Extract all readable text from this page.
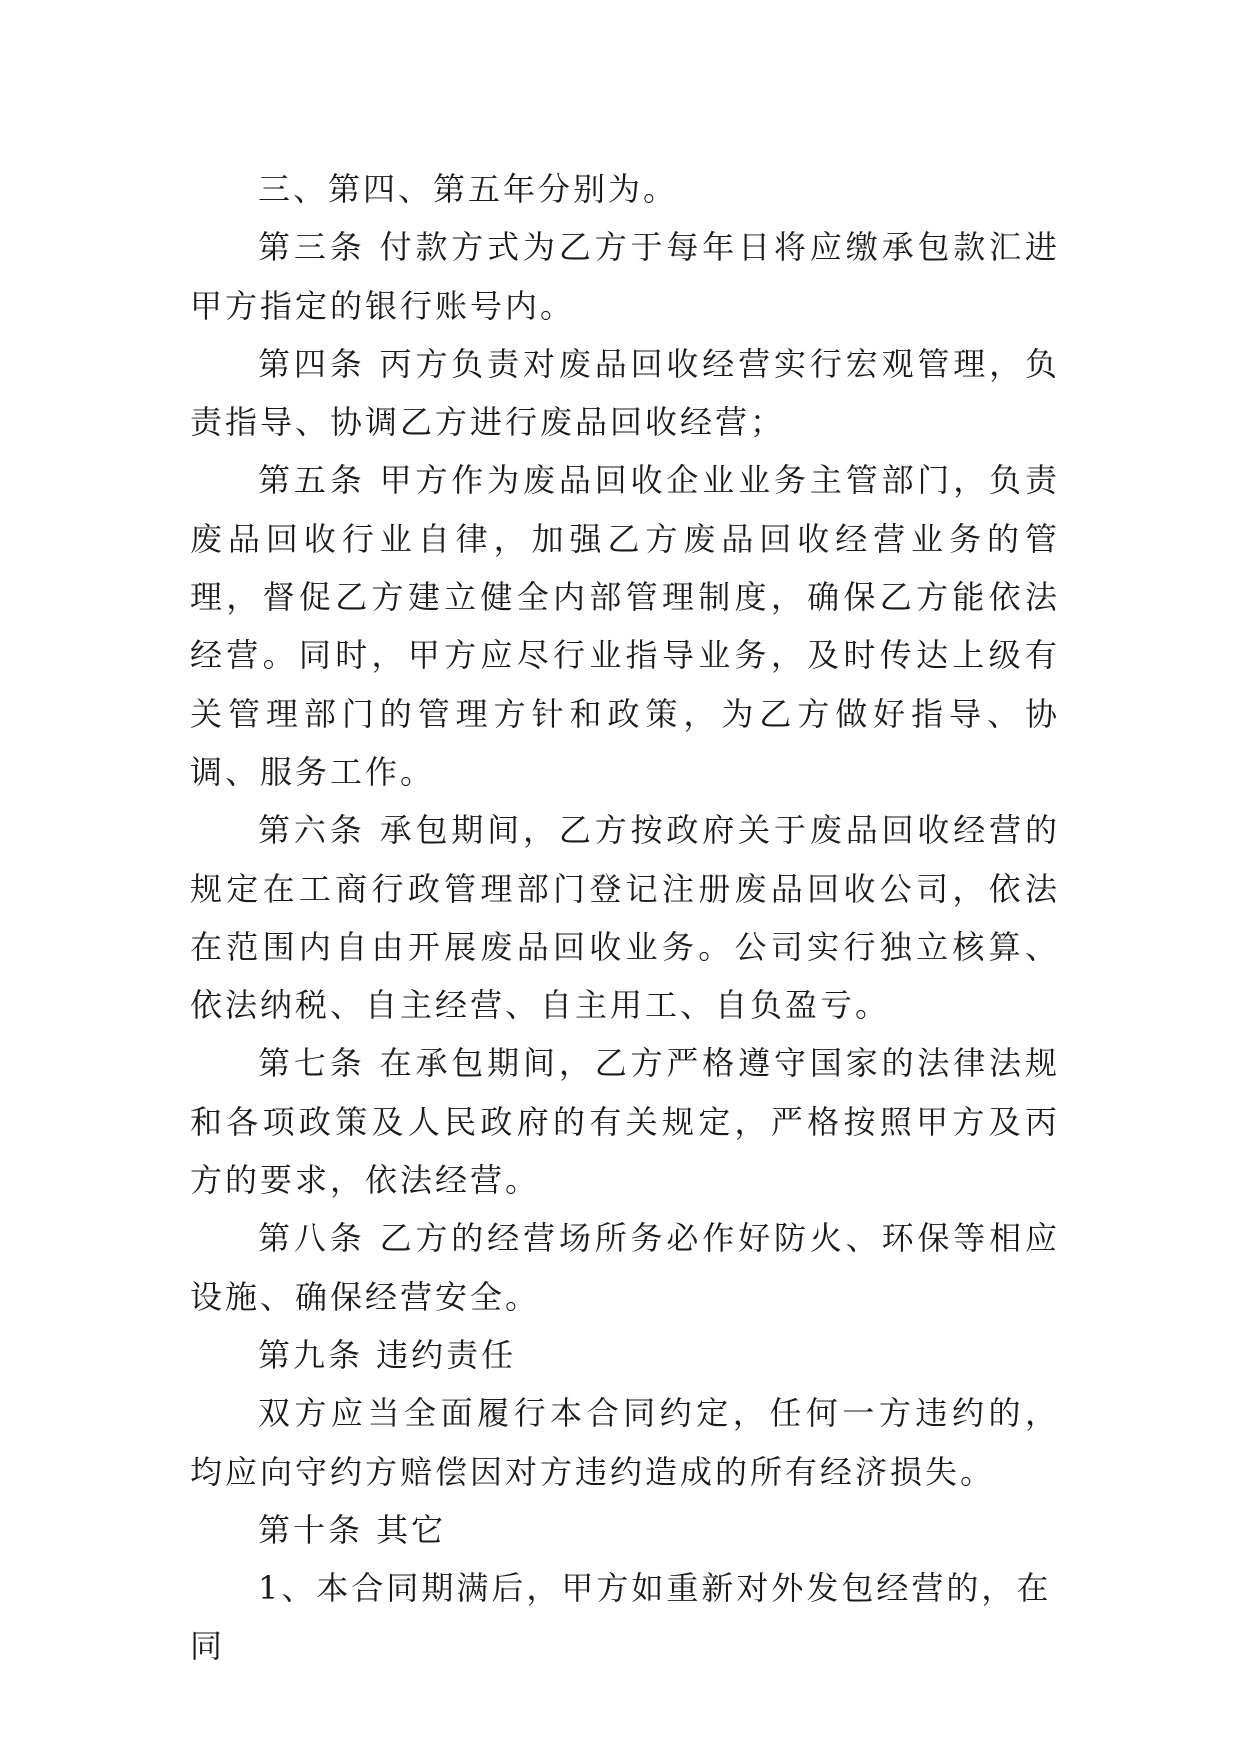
三、第四、第五年分别为。

第三条 付款方式为乙方于每年日将应缴承包款汇进甲方指定的银行账号内。

第四条 丙方负责对废品回收经营实行宏观管理，负责指导、协调乙方进行废品回收经营；

第五条 甲方作为废品回收企业业务主管部门，负责废品回收行业自律，加强乙方废品回收经营业务的管理，督促乙方建立健全内部管理制度，确保乙方能依法经营。同时，甲方应尽行业指导业务，及时传达上级有关管理部门的管理方针和政策，为乙方做好指导、协调、服务工作。

第六条 承包期间，乙方按政府关于废品回收经营的规定在工商行政管理部门登记注册废品回收公司，依法在范围内自由开展废品回收业务。公司实行独立核算、依法纳税、自主经营、自主用工、自负盈亏。

第七条 在承包期间，乙方严格遵守国家的法律法规和各项政策及人民政府的有关规定，严格按照甲方及丙方的要求，依法经营。

第八条 乙方的经营场所务必作好防火、环保等相应设施、确保经营安全。

第九条 违约责任

双方应当全面履行本合同约定，任何一方违约的，均应向守约方赔偿因对方违约造成的所有经济损失。

第十条 其它

1、本合同期满后，甲方如重新对外发包经营的，在同
